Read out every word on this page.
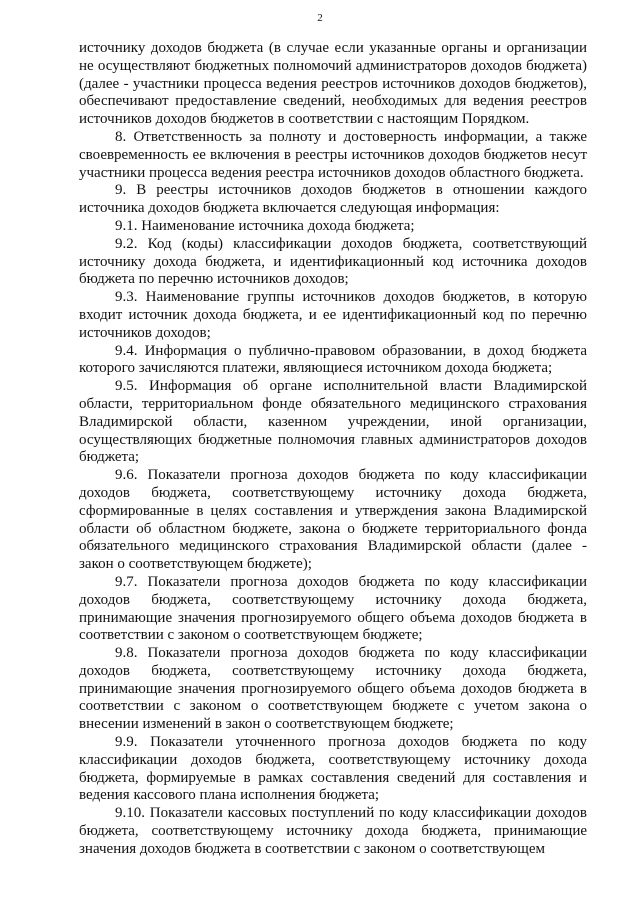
2

источнику доходов бюджета (в случае если указанные органы и организации не осуществляют бюджетных полномочий администраторов доходов бюджета) (далее - участники процесса ведения реестров источников доходов бюджетов), обеспечивают предоставление сведений, необходимых для ведения реестров источников доходов бюджетов в соответствии с настоящим Порядком.

8. Ответственность за полноту и достоверность информации, а также своевременность ее включения в реестры источников доходов бюджетов несут участники процесса ведения реестра источников доходов областного бюджета.

9. В реестры источников доходов бюджетов в отношении каждого источника доходов бюджета включается следующая информация:

9.1. Наименование источника дохода бюджета;

9.2. Код (коды) классификации доходов бюджета, соответствующий источнику дохода бюджета, и идентификационный код источника доходов бюджета по перечню источников доходов;

9.3. Наименование группы источников доходов бюджетов, в которую входит источник дохода бюджета, и ее идентификационный код по перечню источников доходов;

9.4. Информация о публично-правовом образовании, в доход бюджета которого зачисляются платежи, являющиеся источником дохода бюджета;

9.5. Информация об органе исполнительной власти Владимирской области, территориальном фонде обязательного медицинского страхования Владимирской области, казенном учреждении, иной организации, осуществляющих бюджетные полномочия главных администраторов доходов бюджета;

9.6. Показатели прогноза доходов бюджета по коду классификации доходов бюджета, соответствующему источнику дохода бюджета, сформированные в целях составления и утверждения закона Владимирской области об областном бюджете, закона о бюджете территориального фонда обязательного медицинского страхования Владимирской области (далее - закон о соответствующем бюджете);

9.7. Показатели прогноза доходов бюджета по коду классификации доходов бюджета, соответствующему источнику дохода бюджета, принимающие значения прогнозируемого общего объема доходов бюджета в соответствии с законом о соответствующем бюджете;

9.8. Показатели прогноза доходов бюджета по коду классификации доходов бюджета, соответствующему источнику дохода бюджета, принимающие значения прогнозируемого общего объема доходов бюджета в соответствии с законом о соответствующем бюджете с учетом закона о внесении изменений в закон о соответствующем бюджете;

9.9. Показатели уточненного прогноза доходов бюджета по коду классификации доходов бюджета, соответствующему источнику дохода бюджета, формируемые в рамках составления сведений для составления и ведения кассового плана исполнения бюджета;

9.10. Показатели кассовых поступлений по коду классификации доходов бюджета, соответствующему источнику дохода бюджета, принимающие значения доходов бюджета в соответствии с законом о соответствующем
